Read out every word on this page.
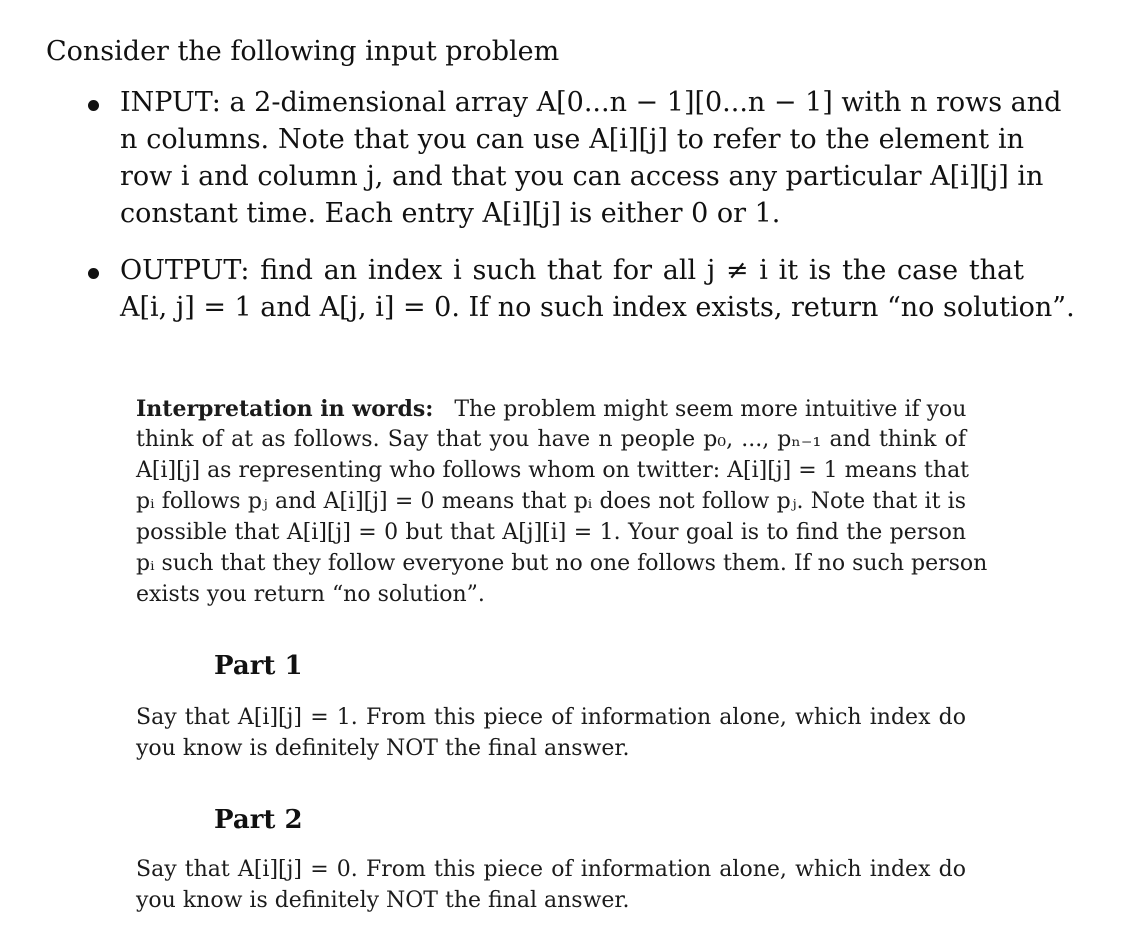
Consider the following input problem
INPUT: a 2-dimensional array A[0...n − 1][0...n − 1] with n rows and
n columns. Note that you can use A[i][j] to refer to the element in
row i and column j, and that you can access any particular A[i][j] in
constant time. Each entry A[i][j] is either 0 or 1.
OUTPUT: find an index i such that for all j ≠ i it is the case that
A[i, j] = 1 and A[j, i] = 0. If no such index exists, return “no solution”.
Interpretation in words: The problem might seem more intuitive if you
think of at as follows. Say that you have n people p₀, ..., pₙ₋₁ and think of
A[i][j] as representing who follows whom on twitter: A[i][j] = 1 means that
pᵢ follows pⱼ and A[i][j] = 0 means that pᵢ does not follow pⱼ. Note that it is
possible that A[i][j] = 0 but that A[j][i] = 1. Your goal is to find the person
pᵢ such that they follow everyone but no one follows them. If no such person
exists you return “no solution”.
Part 1
Say that A[i][j] = 1. From this piece of information alone, which index do
you know is definitely NOT the final answer.
Part 2
Say that A[i][j] = 0. From this piece of information alone, which index do
you know is definitely NOT the final answer.
